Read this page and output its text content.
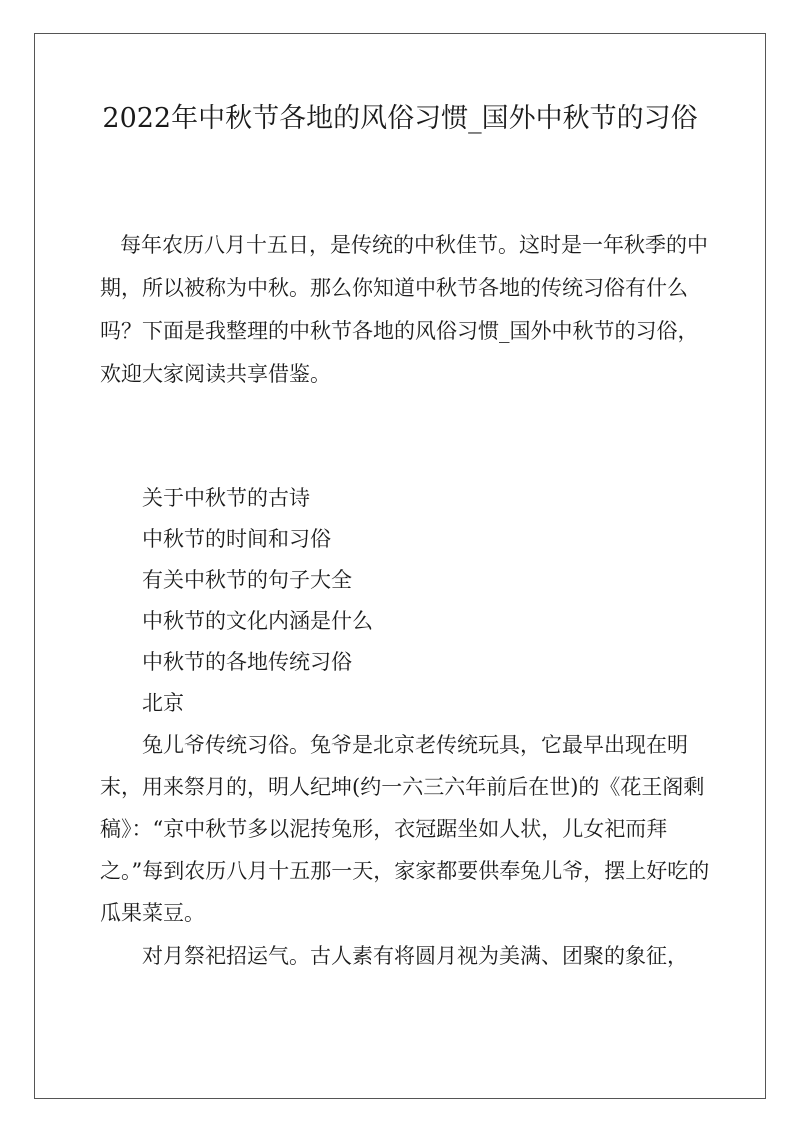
2022年中秋节各地的风俗习惯_国外中秋节的习俗

每年农历八月十五日，是传统的中秋佳节。这时是一年秋季的中期，所以被称为中秋。那么你知道中秋节各地的传统习俗有什么吗？下面是我整理的中秋节各地的风俗习惯_国外中秋节的习俗，欢迎大家阅读共享借鉴。

关于中秋节的古诗
中秋节的时间和习俗
有关中秋节的句子大全
中秋节的文化内涵是什么
中秋节的各地传统习俗
北京

兔儿爷传统习俗。兔爷是北京老传统玩具，它最早出现在明末，用来祭月的，明人纪坤(约一六三六年前后在世)的《花王阁剩稿》：“京中秋节多以泥抟兔形，衣冠踞坐如人状，儿女祀而拜之。”每到农历八月十五那一天，家家都要供奉兔儿爷，摆上好吃的瓜果菜豆。

对月祭祀招运气。古人素有将圆月视为美满、团聚的象征，
